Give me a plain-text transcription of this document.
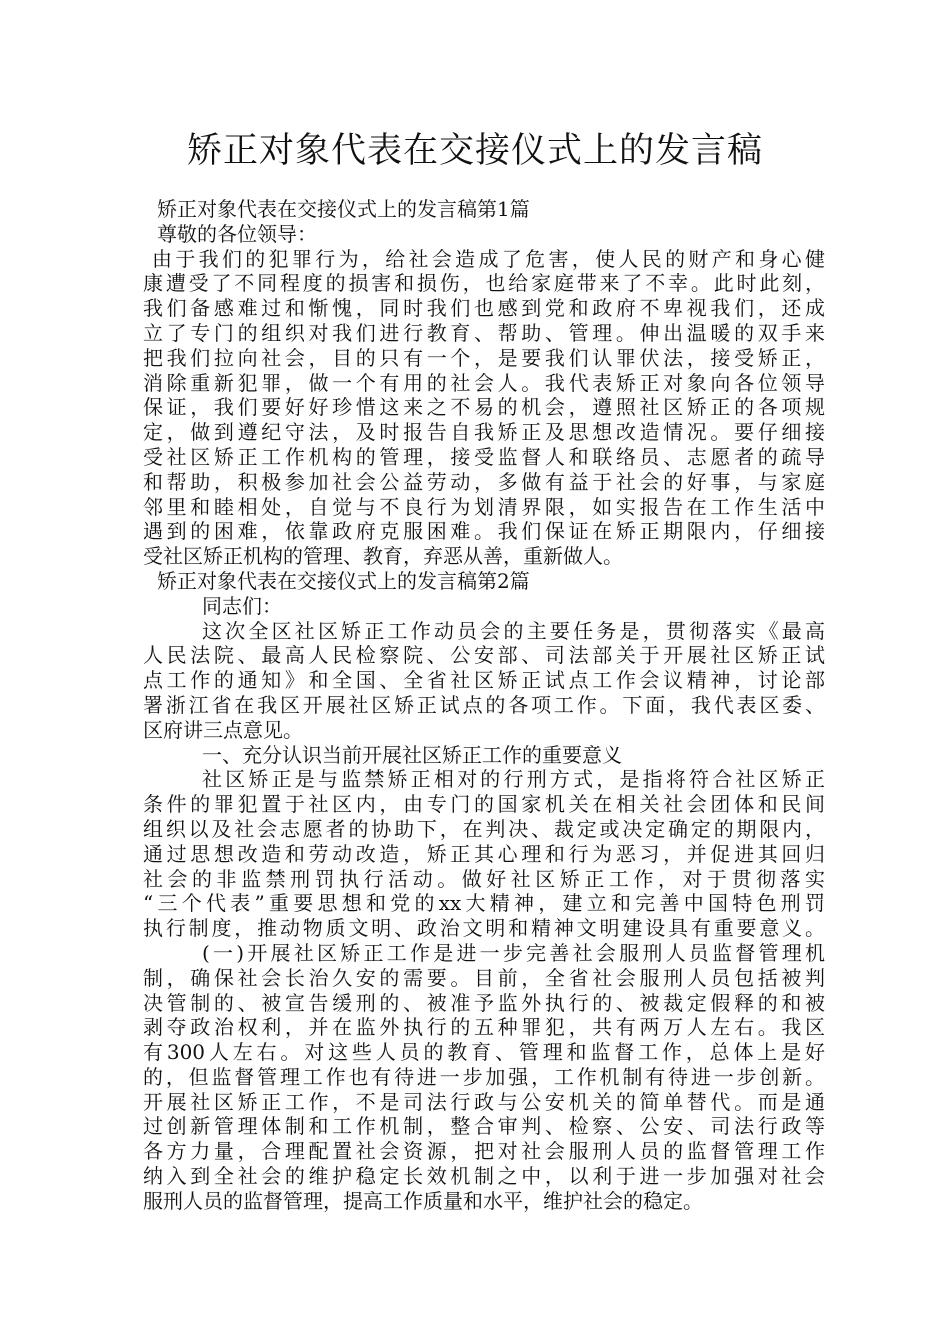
矫正对象代表在交接仪式上的发言稿
矫正对象代表在交接仪式上的发言稿第1篇
尊敬的各位领导：
由于我们的犯罪行为，给社会造成了危害，使人民的财产和身心健
康遭受了不同程度的损害和损伤，也给家庭带来了不幸。此时此刻，
我们备感难过和惭愧，同时我们也感到党和政府不卑视我们，还成
立了专门的组织对我们进行教育、帮助、管理。伸出温暖的双手来
把我们拉向社会，目的只有一个，是要我们认罪伏法，接受矫正，
消除重新犯罪，做一个有用的社会人。我代表矫正对象向各位领导
保证，我们要好好珍惜这来之不易的机会，遵照社区矫正的各项规
定，做到遵纪守法，及时报告自我矫正及思想改造情况。要仔细接
受社区矫正工作机构的管理，接受监督人和联络员、志愿者的疏导
和帮助，积极参加社会公益劳动，多做有益于社会的好事，与家庭
邻里和睦相处，自觉与不良行为划清界限，如实报告在工作生活中
遇到的困难，依靠政府克服困难。我们保证在矫正期限内，仔细接
受社区矫正机构的管理、教育，弃恶从善，重新做人。
矫正对象代表在交接仪式上的发言稿第2篇
同志们：
这次全区社区矫正工作动员会的主要任务是，贯彻落实《最高
人民法院、最高人民检察院、公安部、司法部关于开展社区矫正试
点工作的通知》和全国、全省社区矫正试点工作会议精神，讨论部
署浙江省在我区开展社区矫正试点的各项工作。下面，我代表区委、
区府讲三点意见。
一、充分认识当前开展社区矫正工作的重要意义
社区矫正是与监禁矫正相对的行刑方式，是指将符合社区矫正
条件的罪犯置于社区内，由专门的国家机关在相关社会团体和民间
组织以及社会志愿者的协助下，在判决、裁定或决定确定的期限内，
通过思想改造和劳动改造，矫正其心理和行为恶习，并促进其回归
社会的非监禁刑罚执行活动。做好社区矫正工作，对于贯彻落实
“三个代表”重要思想和党的xx大精神，建立和完善中国特色刑罚
执行制度，推动物质文明、政治文明和精神文明建设具有重要意义。
(一)开展社区矫正工作是进一步完善社会服刑人员监督管理机
制，确保社会长治久安的需要。目前，全省社会服刑人员包括被判
决管制的、被宣告缓刑的、被准予监外执行的、被裁定假释的和被
剥夺政治权利，并在监外执行的五种罪犯，共有两万人左右。我区
有300人左右。对这些人员的教育、管理和监督工作，总体上是好
的，但监督管理工作也有待进一步加强，工作机制有待进一步创新。
开展社区矫正工作，不是司法行政与公安机关的简单替代。而是通
过创新管理体制和工作机制，整合审判、检察、公安、司法行政等
各方力量，合理配置社会资源，把对社会服刑人员的监督管理工作
纳入到全社会的维护稳定长效机制之中，以利于进一步加强对社会
服刑人员的监督管理，提高工作质量和水平，维护社会的稳定。
